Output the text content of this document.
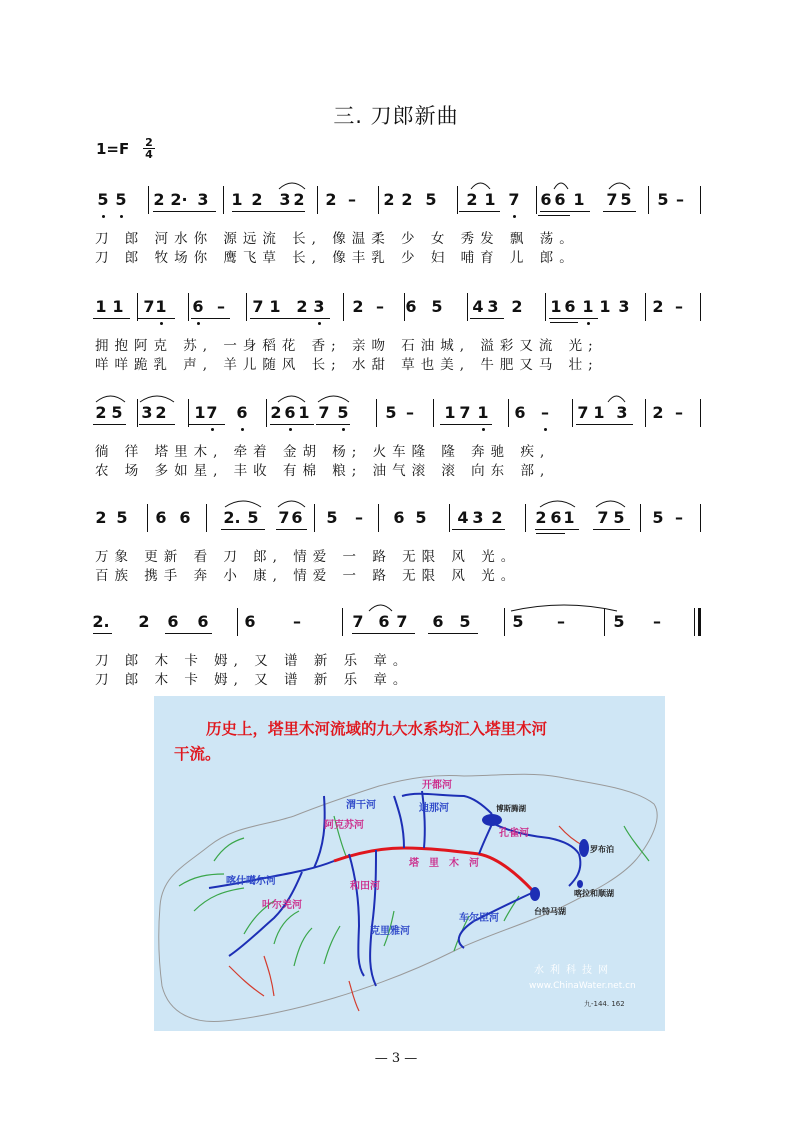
三. 刀郎新曲
1=F 2
4
5 5 2 2· 3 1 2 3 2 2 – 2 2 5 2 1 7 6 6 1 7 5 5 –
刀 郎 河水你 源远流 长, 像温柔 少 女 秀发 飘 荡。
刀 郎 牧场你 鹰飞草 长, 像丰乳 少 妇 哺育 儿 郎。
1 1 7 1 6 – 7 1 2 3 2 – 6 5 4 3 2 1 6 1 1 3 2 –
拥抱阿克 苏, 一身稻花 香; 亲吻 石油城, 溢彩又流 光;
咩咩跪乳 声, 羊儿随风 长; 水甜 草也美, 牛肥又马 壮;
2 5 3 2 1 7 6 2 6 1 7 5 5 – 1 7 1 6 – 7 1 3 2 –
徜 徉 塔里木, 牵着 金胡 杨; 火车隆 隆 奔驰 疾,
农 场 多如星, 丰收 有棉 粮; 油气滚 滚 向东 部,
2 5 6 6 2. 5 7 6 5 – 6 5 4 3 2 2 6 1 7 5 5 –
万象 更新 看 刀 郎, 情爱 一 路 无限 风 光。
百族 携手 奔 小 康, 情爱 一 路 无限 风 光。
2. 2 6 6 6 –	7 6 7 6 5	5 –	5 –
刀 郎 木 卡 姆, 又 谱 新 乐 章。
刀 郎 木 卡 姆, 又 谱 新 乐 章。
历史上，塔里木河流域的九大水系均汇入塔里木河
干流。
开都河
博斯腾湖
孔雀河
罗布泊
喀拉和顺湖
台特马湖
车尔臣河
渭干河	迪那河
阿克苏河
喀什噶尔河
叶尔羌河
和田河
克里雅河
塔里木河
水利科技网
www.ChinaWater.net.cn
九-144. 162
— 3 —
